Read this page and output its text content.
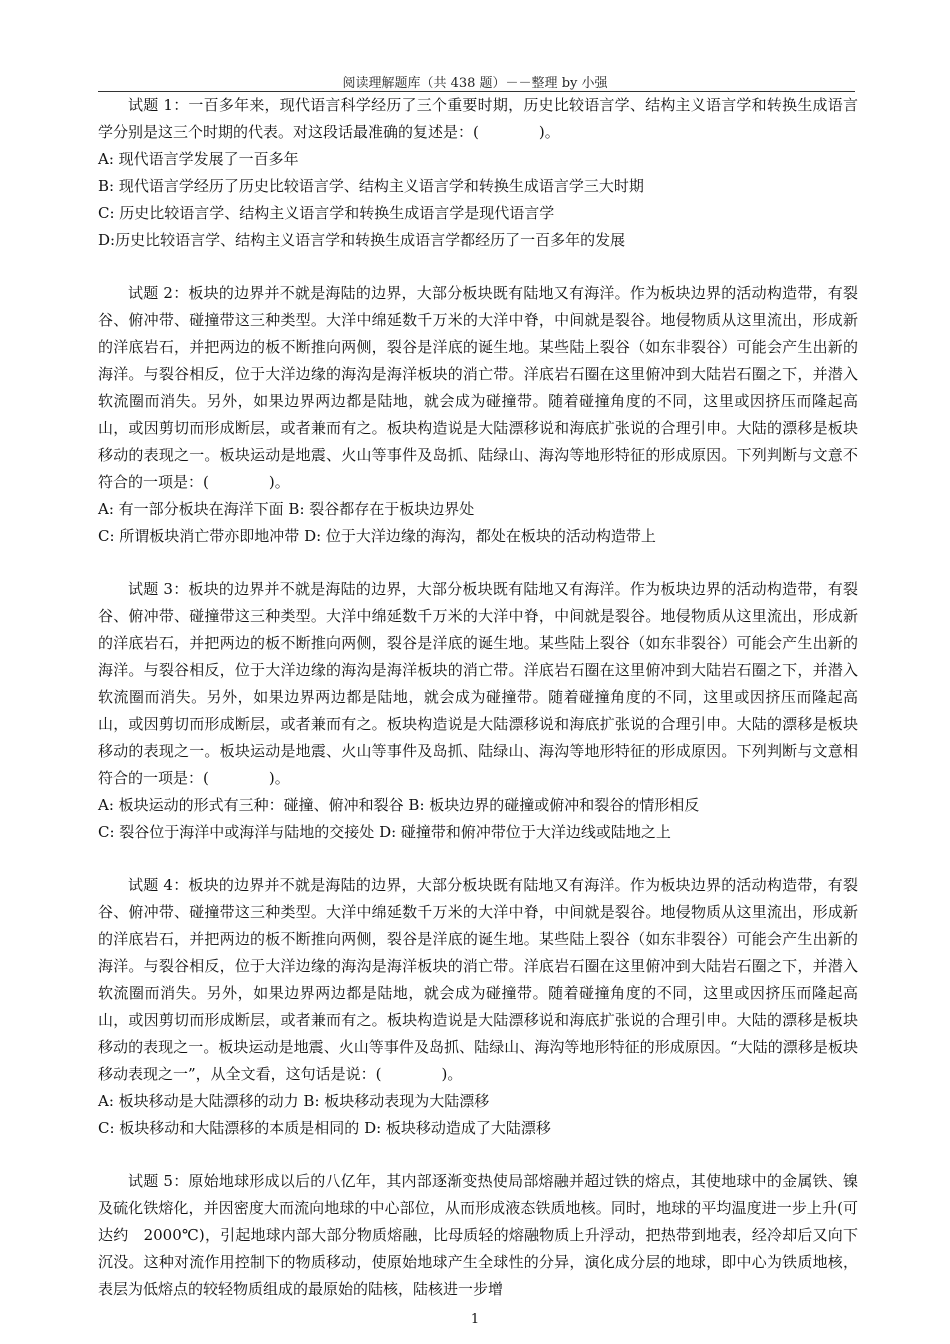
阅读理解题库（共 438 题）－－整理 by 小强

试题 1：一百多年来，现代语言科学经历了三个重要时期，历史比较语言学、结构主义语言学和转换生成语言学分别是这三个时期的代表。对这段话最准确的复述是：(　　　　)。

A: 现代语言学发展了一百多年

B: 现代语言学经历了历史比较语言学、结构主义语言学和转换生成语言学三大时期

C: 历史比较语言学、结构主义语言学和转换生成语言学是现代语言学

D:历史比较语言学、结构主义语言学和转换生成语言学都经历了一百多年的发展

试题 2：板块的边界并不就是海陆的边界，大部分板块既有陆地又有海洋。作为板块边界的活动构造带，有裂谷、俯冲带、碰撞带这三种类型。大洋中绵延数千万米的大洋中脊，中间就是裂谷。地侵物质从这里流出，形成新的洋底岩石，并把两边的板不断推向两侧，裂谷是洋底的诞生地。某些陆上裂谷（如东非裂谷）可能会产生出新的海洋。与裂谷相反，位于大洋边缘的海沟是海洋板块的消亡带。洋底岩石圈在这里俯冲到大陆岩石圈之下，并潜入软流圈而消失。另外，如果边界两边都是陆地，就会成为碰撞带。随着碰撞角度的不同，这里或因挤压而隆起高山，或因剪切而形成断层，或者兼而有之。板块构造说是大陆漂移说和海底扩张说的合理引申。大陆的漂移是板块移动的表现之一。板块运动是地震、火山等事件及岛抓、陆绿山、海沟等地形特征的形成原因。下列判断与文意不符合的一项是：(　　　　)。

A: 有一部分板块在海洋下面 B: 裂谷都存在于板块边界处

C: 所谓板块消亡带亦即地冲带 D: 位于大洋边缘的海沟，都处在板块的活动构造带上

试题 3：板块的边界并不就是海陆的边界，大部分板块既有陆地又有海洋。作为板块边界的活动构造带，有裂谷、俯冲带、碰撞带这三种类型。大洋中绵延数千万米的大洋中脊，中间就是裂谷。地侵物质从这里流出，形成新的洋底岩石，并把两边的板不断推向两侧，裂谷是洋底的诞生地。某些陆上裂谷（如东非裂谷）可能会产生出新的海洋。与裂谷相反，位于大洋边缘的海沟是海洋板块的消亡带。洋底岩石圈在这里俯冲到大陆岩石圈之下，并潜入软流圈而消失。另外，如果边界两边都是陆地，就会成为碰撞带。随着碰撞角度的不同，这里或因挤压而隆起高山，或因剪切而形成断层，或者兼而有之。板块构造说是大陆漂移说和海底扩张说的合理引申。大陆的漂移是板块移动的表现之一。板块运动是地震、火山等事件及岛抓、陆绿山、海沟等地形特征的形成原因。下列判断与文意相符合的一项是：(　　　　)。

A: 板块运动的形式有三种：碰撞、俯冲和裂谷 B: 板块边界的碰撞或俯冲和裂谷的情形相反

C: 裂谷位于海洋中或海洋与陆地的交接处 D: 碰撞带和俯冲带位于大洋边线或陆地之上

试题 4：板块的边界并不就是海陆的边界，大部分板块既有陆地又有海洋。作为板块边界的活动构造带，有裂谷、俯冲带、碰撞带这三种类型。大洋中绵延数千万米的大洋中脊，中间就是裂谷。地侵物质从这里流出，形成新的洋底岩石，并把两边的板不断推向两侧，裂谷是洋底的诞生地。某些陆上裂谷（如东非裂谷）可能会产生出新的海洋。与裂谷相反，位于大洋边缘的海沟是海洋板块的消亡带。洋底岩石圈在这里俯冲到大陆岩石圈之下，并潜入软流圈而消失。另外，如果边界两边都是陆地，就会成为碰撞带。随着碰撞角度的不同，这里或因挤压而隆起高山，或因剪切而形成断层，或者兼而有之。板块构造说是大陆漂移说和海底扩张说的合理引申。大陆的漂移是板块移动的表现之一。板块运动是地震、火山等事件及岛抓、陆绿山、海沟等地形特征的形成原因。“大陆的漂移是板块移动表现之一”，从全文看，这句话是说：(　　　　)。

A: 板块移动是大陆漂移的动力 B: 板块移动表现为大陆漂移

C: 板块移动和大陆漂移的本质是相同的 D: 板块移动造成了大陆漂移

试题 5：原始地球形成以后的八亿年，其内部逐渐变热使局部熔融并超过铁的熔点，其使地球中的金属铁、镍及硫化铁熔化，并因密度大而流向地球的中心部位，从而形成液态铁质地核。同时，地球的平均温度进一步上升(可达约　2000℃)，引起地球内部大部分物质熔融，比母质轻的熔融物质上升浮动，把热带到地表，经冷却后又向下沉没。这种对流作用控制下的物质移动，使原始地球产生全球性的分异，演化成分层的地球，即中心为铁质地核，表层为低熔点的较轻物质组成的最原始的陆核，陆核进一步增

1
